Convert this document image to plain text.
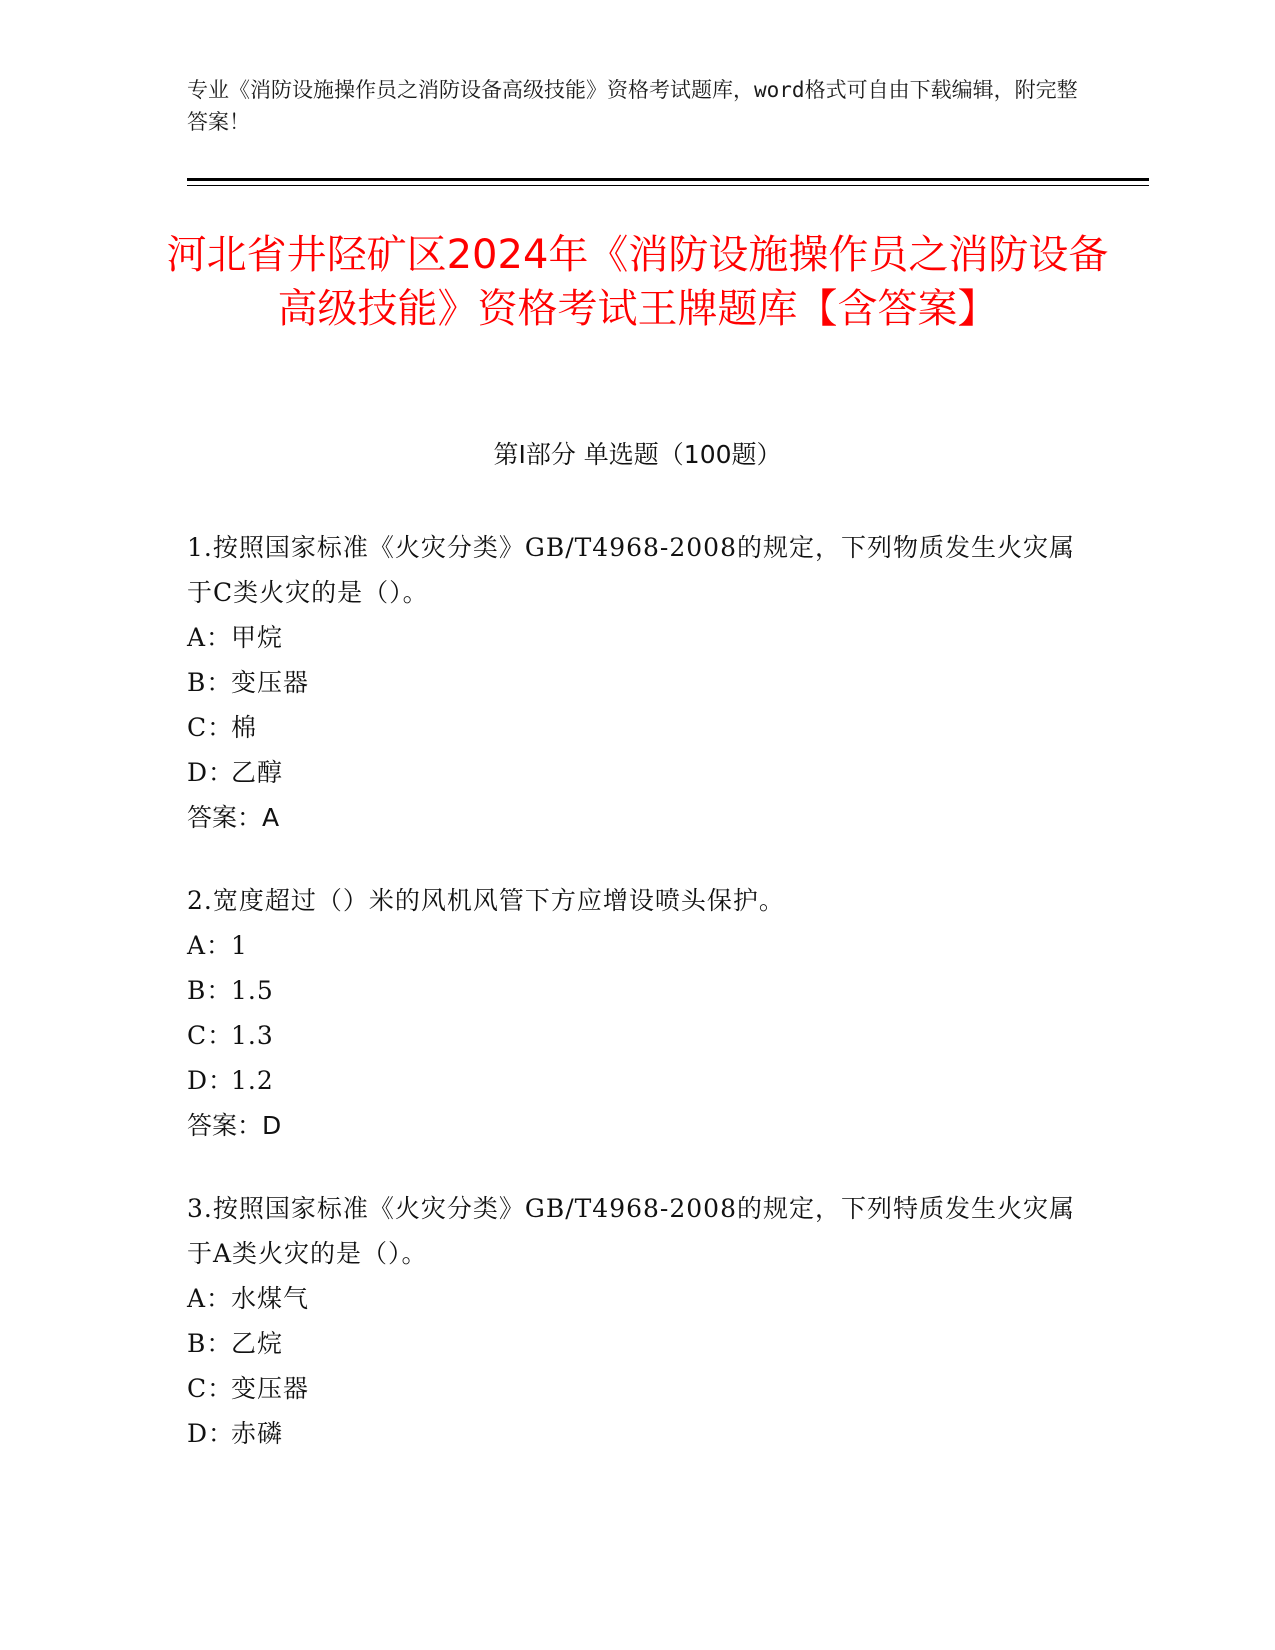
专业《消防设施操作员之消防设备高级技能》资格考试题库，word格式可自由下载编辑，附完整答案！
河北省井陉矿区2024年《消防设施操作员之消防设备高级技能》资格考试王牌题库【含答案】
第I部分 单选题（100题）
1.按照国家标准《火灾分类》GB/T4968-2008的规定，下列物质发生火灾属于C类火灾的是（）。
A：甲烷
B：变压器
C：棉
D：乙醇
答案：A
2.宽度超过（）米的风机风管下方应增设喷头保护。
A：1
B：1.5
C：1.3
D：1.2
答案：D
3.按照国家标准《火灾分类》GB/T4968-2008的规定，下列特质发生火灾属于A类火灾的是（）。
A：水煤气
B：乙烷
C：变压器
D：赤磷
